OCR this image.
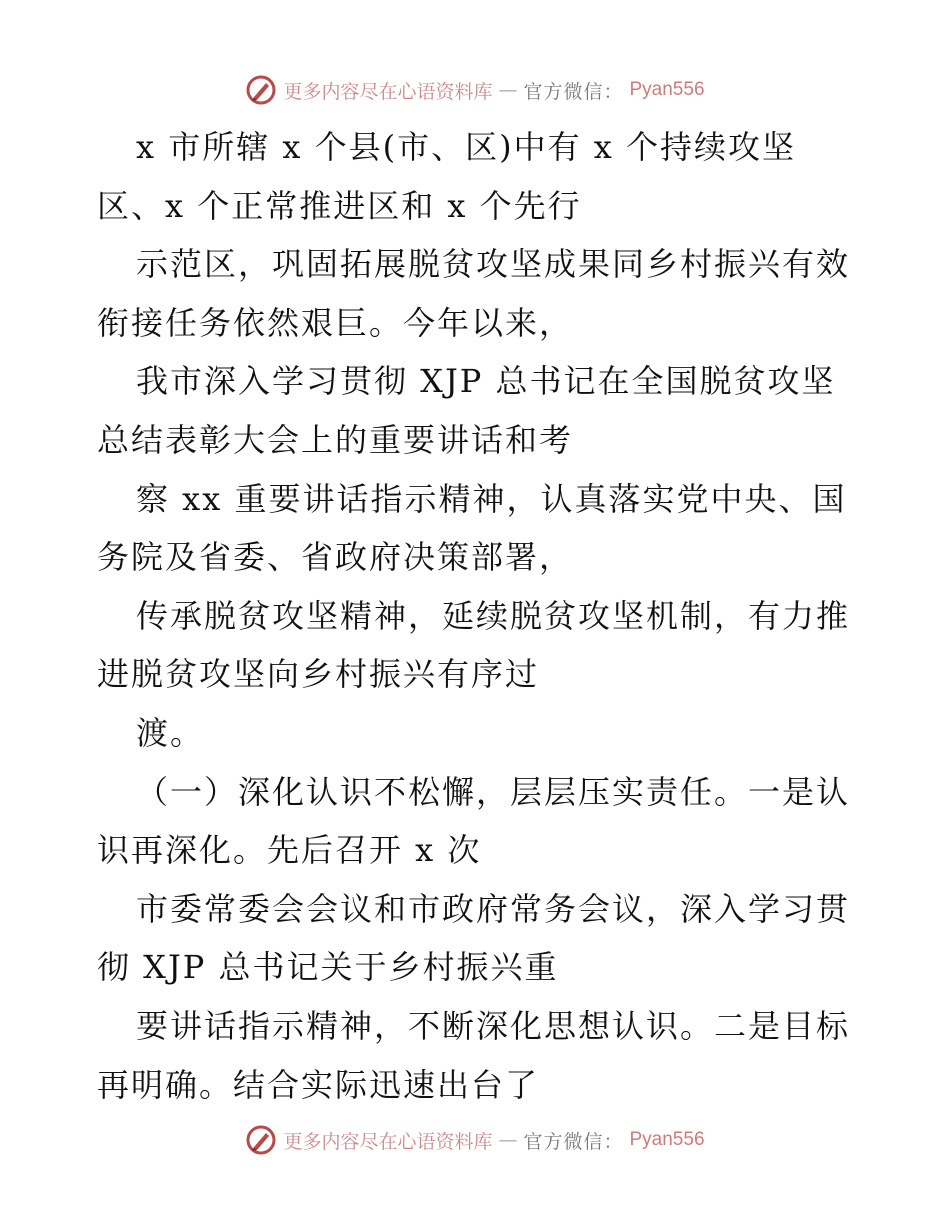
更多内容尽在心语资料库 — 官方微信： Pyan556
x 市所辖 x 个县(市、区)中有 x 个持续攻坚
区、x 个正常推进区和 x 个先行
示范区，巩固拓展脱贫攻坚成果同乡村振兴有效
衔接任务依然艰巨。今年以来，
我市深入学习贯彻 XJP 总书记在全国脱贫攻坚
总结表彰大会上的重要讲话和考
察 xx 重要讲话指示精神，认真落实党中央、国
务院及省委、省政府决策部署，
传承脱贫攻坚精神，延续脱贫攻坚机制，有力推
进脱贫攻坚向乡村振兴有序过
渡。
（一）深化认识不松懈，层层压实责任。一是认
识再深化。先后召开 x 次
市委常委会会议和市政府常务会议，深入学习贯
彻 XJP 总书记关于乡村振兴重
要讲话指示精神，不断深化思想认识。二是目标
再明确。结合实际迅速出台了
更多内容尽在心语资料库 — 官方微信： Pyan556
